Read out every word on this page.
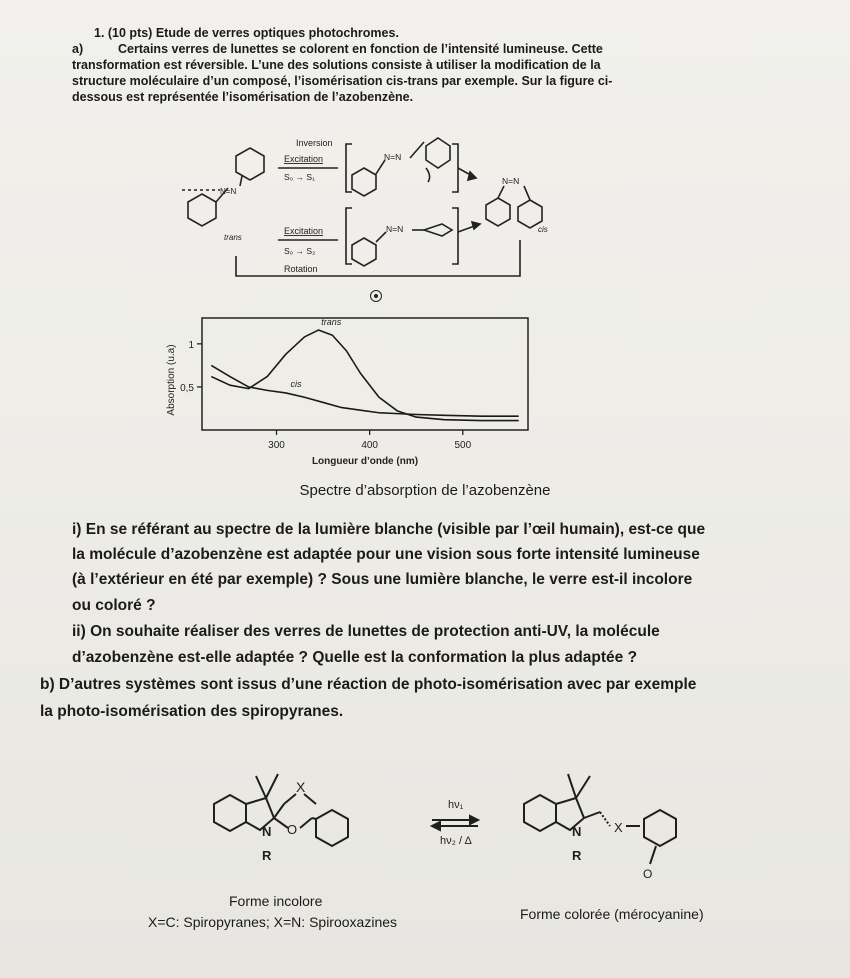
1. (10 pts) Etude de verres optiques photochromes.
a)	Certains verres de lunettes se colorent en fonction de l’intensité lumineuse. Cette
transformation est réversible. L’une des solutions consiste à utiliser la modification de la
structure moléculaire d’un composé, l’isomérisation cis-trans par exemple. Sur la figure ci-
dessous est représentée l’isomérisation de l’azobenzène.
Inversion
Excitation
S₀ → S₁
Excitation
S₀ → S₂
Rotation
trans
cis
N=N
N=N
N=N
N=N
300	400	500
0,5
1
trans
cis
Absorption (u.a)
Longueur d’onde (nm)
Spectre d’absorption de l’azobenzène
i) En se référant au spectre de la lumière blanche (visible par l’œil humain), est-ce que
la molécule d’azobenzène est adaptée pour une vision sous forte intensité lumineuse
(à l’extérieur en été par exemple) ? Sous une lumière blanche, le verre est-il incolore
ou coloré ?
ii) On souhaite réaliser des verres de lunettes de protection anti-UV, la molécule
d’azobenzène est-elle adaptée ? Quelle est la conformation la plus adaptée ?
b) D’autres systèmes sont issus d’une réaction de photo-isomérisation avec par exemple
la photo-isomérisation des spiropyranes.
X
N O
R
hν₁
hν₂ / Δ
X
N
R
O
Forme incolore
X=C: Spiropyranes; X=N: Spirooxazines	Forme colorée (mérocyanine)
